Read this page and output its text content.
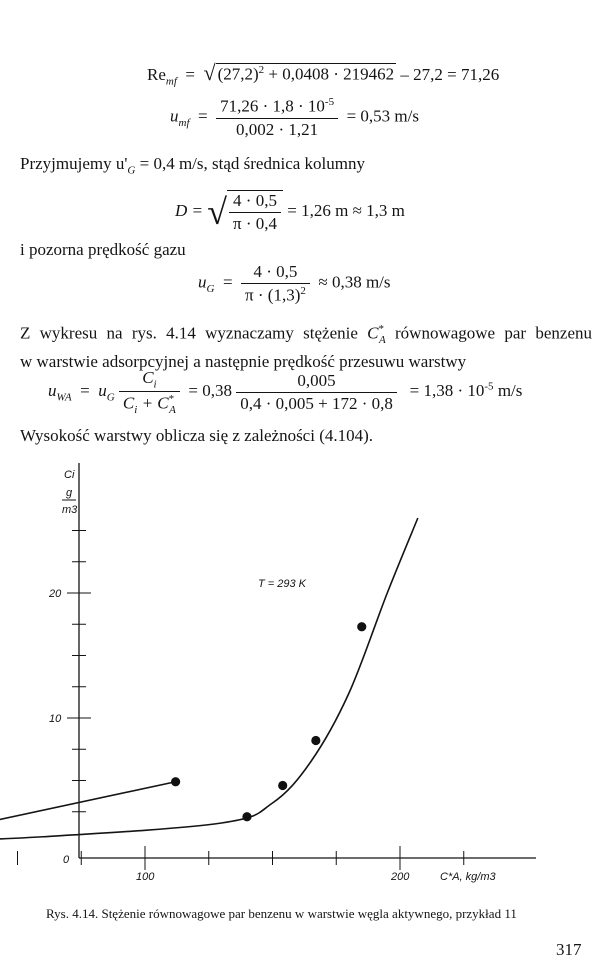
$Re_{mf}$  =  √ $(27,2)^2 + 0,0408 \cdot 219462 - 27,2 = 71,26$
$u_{mf} = \frac{71,26 \cdot 1,8 \cdot 10^{-5}}{0,002 \cdot 1,21} = 0,53$ m/s
Przyjmujemy $u'_G = 0,4$ m/s, stąd średnica kolumny
D = √ $\frac{4 \cdot 0,5}{\pi \cdot 0,4} = 1,26$ m ≈ 1,3 m
i pozorna prędkość gazu
$u_G = \frac{4 \cdot 0,5}{\pi \cdot (1,3)^2} \approx 0,38$ m/s
Z wykresu na rys. 4.14 wyznaczamy stężenie $C^*_A$ równowagowe par benzenu
w warstwie adsorpcyjnej a następnie prędkość przesuwu warstwy
$u_{WA} = u_G \frac{C_i}{C_i + C^*_A} = 0,38 \frac{0,005}{0,4 \cdot 0,005 + 172 \cdot 0,8} = 1,38 \cdot 10^{-5}$ m/s
Wysokość warstwy oblicza się z zależności (4.104).
Ci
g
m3
0
10
20
100	200
T = 293 K
C*A, kg/m3
Rys. 4.14. Stężenie równowagowe par benzenu w warstwie węgla aktywnego, przykład 11
317
